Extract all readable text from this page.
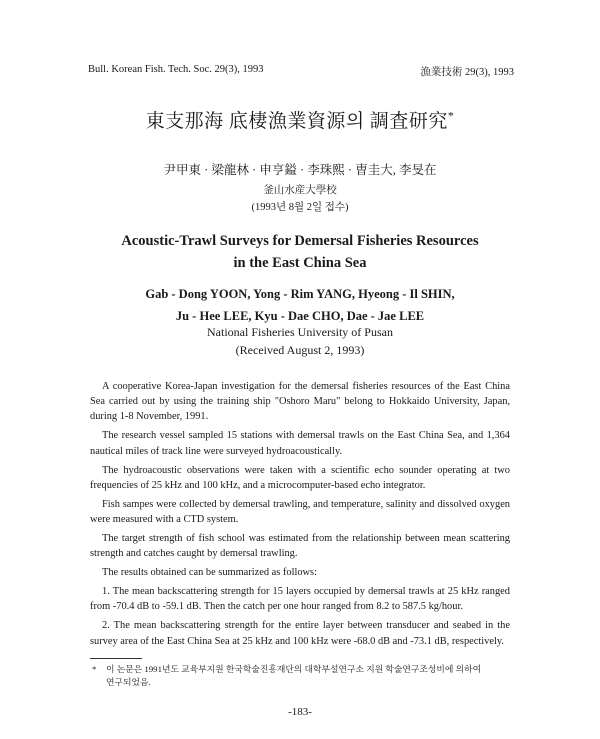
Bull. Korean Fish. Tech. Soc. 29(3), 1993	漁業技術 29(3), 1993
東支那海 底棲漁業資源의 調査研究*
尹甲東 · 梁龍林 · 申亨鎰 · 李珠熙 · 曺圭大, 李旻在
釜山水産大學校
(1993년 8월 2일 접수)
Acoustic-Trawl Surveys for Demersal Fisheries Resources
in the East China Sea
Gab - Dong YOON, Yong - Rim YANG, Hyeong - Il SHIN,
Ju - Hee LEE, Kyu - Dae CHO, Dae - Jae LEE
National Fisheries University of Pusan
(Received August 2, 1993)

A cooperative Korea-Japan investigation for the demersal fisheries resources of the East China Sea carried out by using the training ship "Oshoro Maru" belong to Hokkaido University, Japan, during 1-8 November, 1991.

The research vessel sampled 15 stations with demersal trawls on the East China Sea, and 1,364 nautical miles of track line were surveyed hydroacoustically.

The hydroacoustic observations were taken with a scientific echo sounder operating at two frequencies of 25 kHz and 100 kHz, and a microcomputer-based echo integrator.

Fish sampes were collected by demersal trawling, and temperature, salinity and dissolved oxygen were measured with a CTD system.

The target strength of fish school was estimated from the relationship between mean scattering strength and catches caught by demersal trawling.

The results obtained can be summarized as follows:

1. The mean backscattering strength for 15 layers occupied by demersal trawls at 25 kHz ranged from -70.4 dB to -59.1 dB. Then the catch per one hour ranged from 8.2 to 587.5 kg/hour.

2. The mean backscattering strength for the entire layer between transducer and seabed in the survey area of the East China Sea at 25 kHz and 100 kHz were -68.0 dB and -73.1 dB, respectively.

* 이 논문은 1991년도 교육부지원 한국학술진흥재단의 대학부설연구소 지원 학술연구조성비에 의하여
연구되었음.
-183-
